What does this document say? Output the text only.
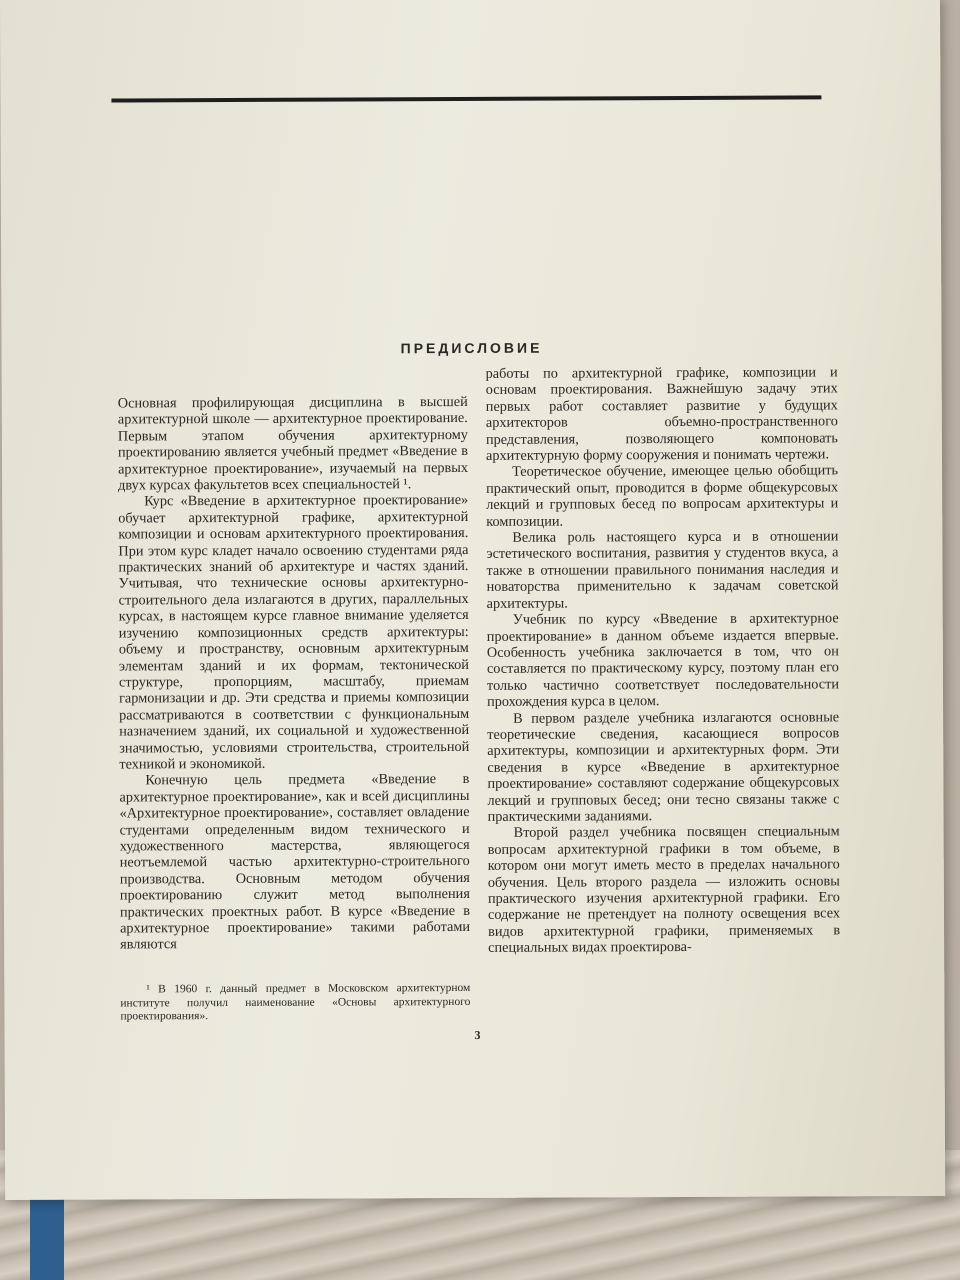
ПРЕДИСЛОВИЕ

Основная профилирующая дисциплина в высшей архитектурной школе — архитектурное проектирование. Первым этапом обучения архитектурному проектированию является учебный предмет «Введение в архитектурное проектирование», изучаемый на первых двух курсах факультетов всех специальностей ¹.

Курс «Введение в архитектурное проектирование» обучает архитектурной графике, архитектурной композиции и основам архитектурного проектирования. При этом курс кладет начало освоению студентами ряда практических знаний об архитектуре и частях зданий. Учитывая, что технические основы архитектурно-строительного дела излагаются в других, параллельных курсах, в настоящем курсе главное внимание уделяется изучению композиционных средств архитектуры: объему и пространству, основным архитектурным элементам зданий и их формам, тектонической структуре, пропорциям, масштабу, приемам гармонизации и др. Эти средства и приемы композиции рассматриваются в соответствии с функциональным назначением зданий, их социальной и художественной значимостью, условиями строительства, строительной техникой и экономикой.

Конечную цель предмета «Введение в архитектурное проектирование», как и всей дисциплины «Архитектурное проектирование», составляет овладение студентами определенным видом технического и художественного мастерства, являющегося неотъемлемой частью архитектурно-строительного производства. Основным методом обучения проектированию служит метод выполнения практических проектных работ. В курсе «Введение в архитектурное проектирование» такими работами являются

¹ В 1960 г. данный предмет в Московском архитектурном институте получил наименование «Основы архитектурного проектирования».

работы по архитектурной графике, композиции и основам проектирования. Важнейшую задачу этих первых работ составляет развитие у будущих архитекторов объемно-пространственного представления, позволяющего компоновать архитектурную форму сооружения и понимать чертежи.

Теоретическое обучение, имеющее целью обобщить практический опыт, проводится в форме общекурсовых лекций и групповых бесед по вопросам архитектуры и композиции.

Велика роль настоящего курса и в отношении эстетического воспитания, развития у студентов вкуса, а также в отношении правильного понимания наследия и новаторства применительно к задачам советской архитектуры.

Учебник по курсу «Введение в архитектурное проектирование» в данном объеме издается впервые. Особенность учебника заключается в том, что он составляется по практическому курсу, поэтому план его только частично соответствует последовательности прохождения курса в целом.

В первом разделе учебника излагаются основные теоретические сведения, касающиеся вопросов архитектуры, композиции и архитектурных форм. Эти сведения в курсе «Введение в архитектурное проектирование» составляют содержание общекурсовых лекций и групповых бесед; они тесно связаны также с практическими заданиями.

Второй раздел учебника посвящен специальным вопросам архитектурной графики в том объеме, в котором они могут иметь место в пределах начального обучения. Цель второго раздела — изложить основы практического изучения архитектурной графики. Его содержание не претендует на полноту освещения всех видов архитектурной графики, применяемых в специальных видах проектирова-

3
